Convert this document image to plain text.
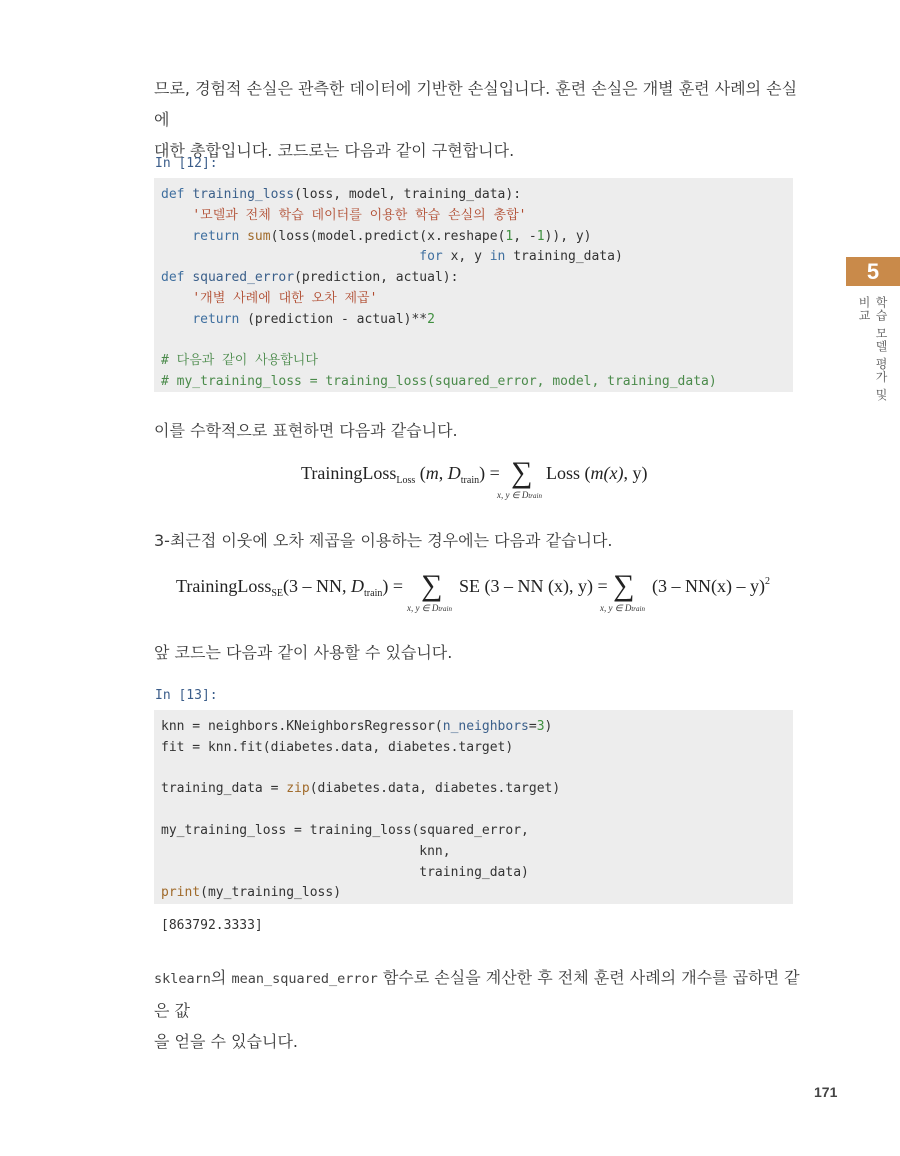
므로, 경험적 손실은 관측한 데이터에 기반한 손실입니다. 훈련 손실은 개별 훈련 사례의 손실에
대한 총합입니다. 코드로는 다음과 같이 구현합니다.

In [12]:
def training_loss(loss, model, training_data):
'모델과 전체 학습 데이터를 이용한 학습 손실의 총합'
return sum(loss(model.predict(x.reshape(1, -1)), y)
for x, y in training_data)
def squared_error(prediction, actual):
'개별 사례에 대한 오차 제곱'
return (prediction - actual)**2

# 다음과 같이 사용합니다
# my_training_loss = training_loss(squared_error, model, training_data)

이를 수학적으로 표현하면 다음과 같습니다.

TrainingLoss$_{Loss}$ (m, $D_{train}$) = ∑
x, y ∈ Dtrain
Loss (m(x), y)

3-최근접 이웃에 오차 제곱을 이용하는 경우에는 다음과 같습니다.

TrainingLoss$_{SE}$(3 – NN, $D_{train}$) = ∑
x, y ∈ Dtrain
SE (3 – NN (x), y) = ∑
x, y ∈ Dtrain
(3 – NN(x) – y)$^2$

앞 코드는 다음과 같이 사용할 수 있습니다.

In [13]:
knn = neighbors.KNeighborsRegressor(n_neighbors=3)
fit = knn.fit(diabetes.data, diabetes.target)

training_data = zip(diabetes.data, diabetes.target)

my_training_loss = training_loss(squared_error,
knn,
training_data)
print(my_training_loss)
[863792.3333]

sklearn의 mean_squared_error 함수로 손실을 계산한 후 전체 훈련 사례의 개수를 곱하면 같은 값
을 얻을 수 있습니다.

5
학습 모델 평가 및 비교
171
